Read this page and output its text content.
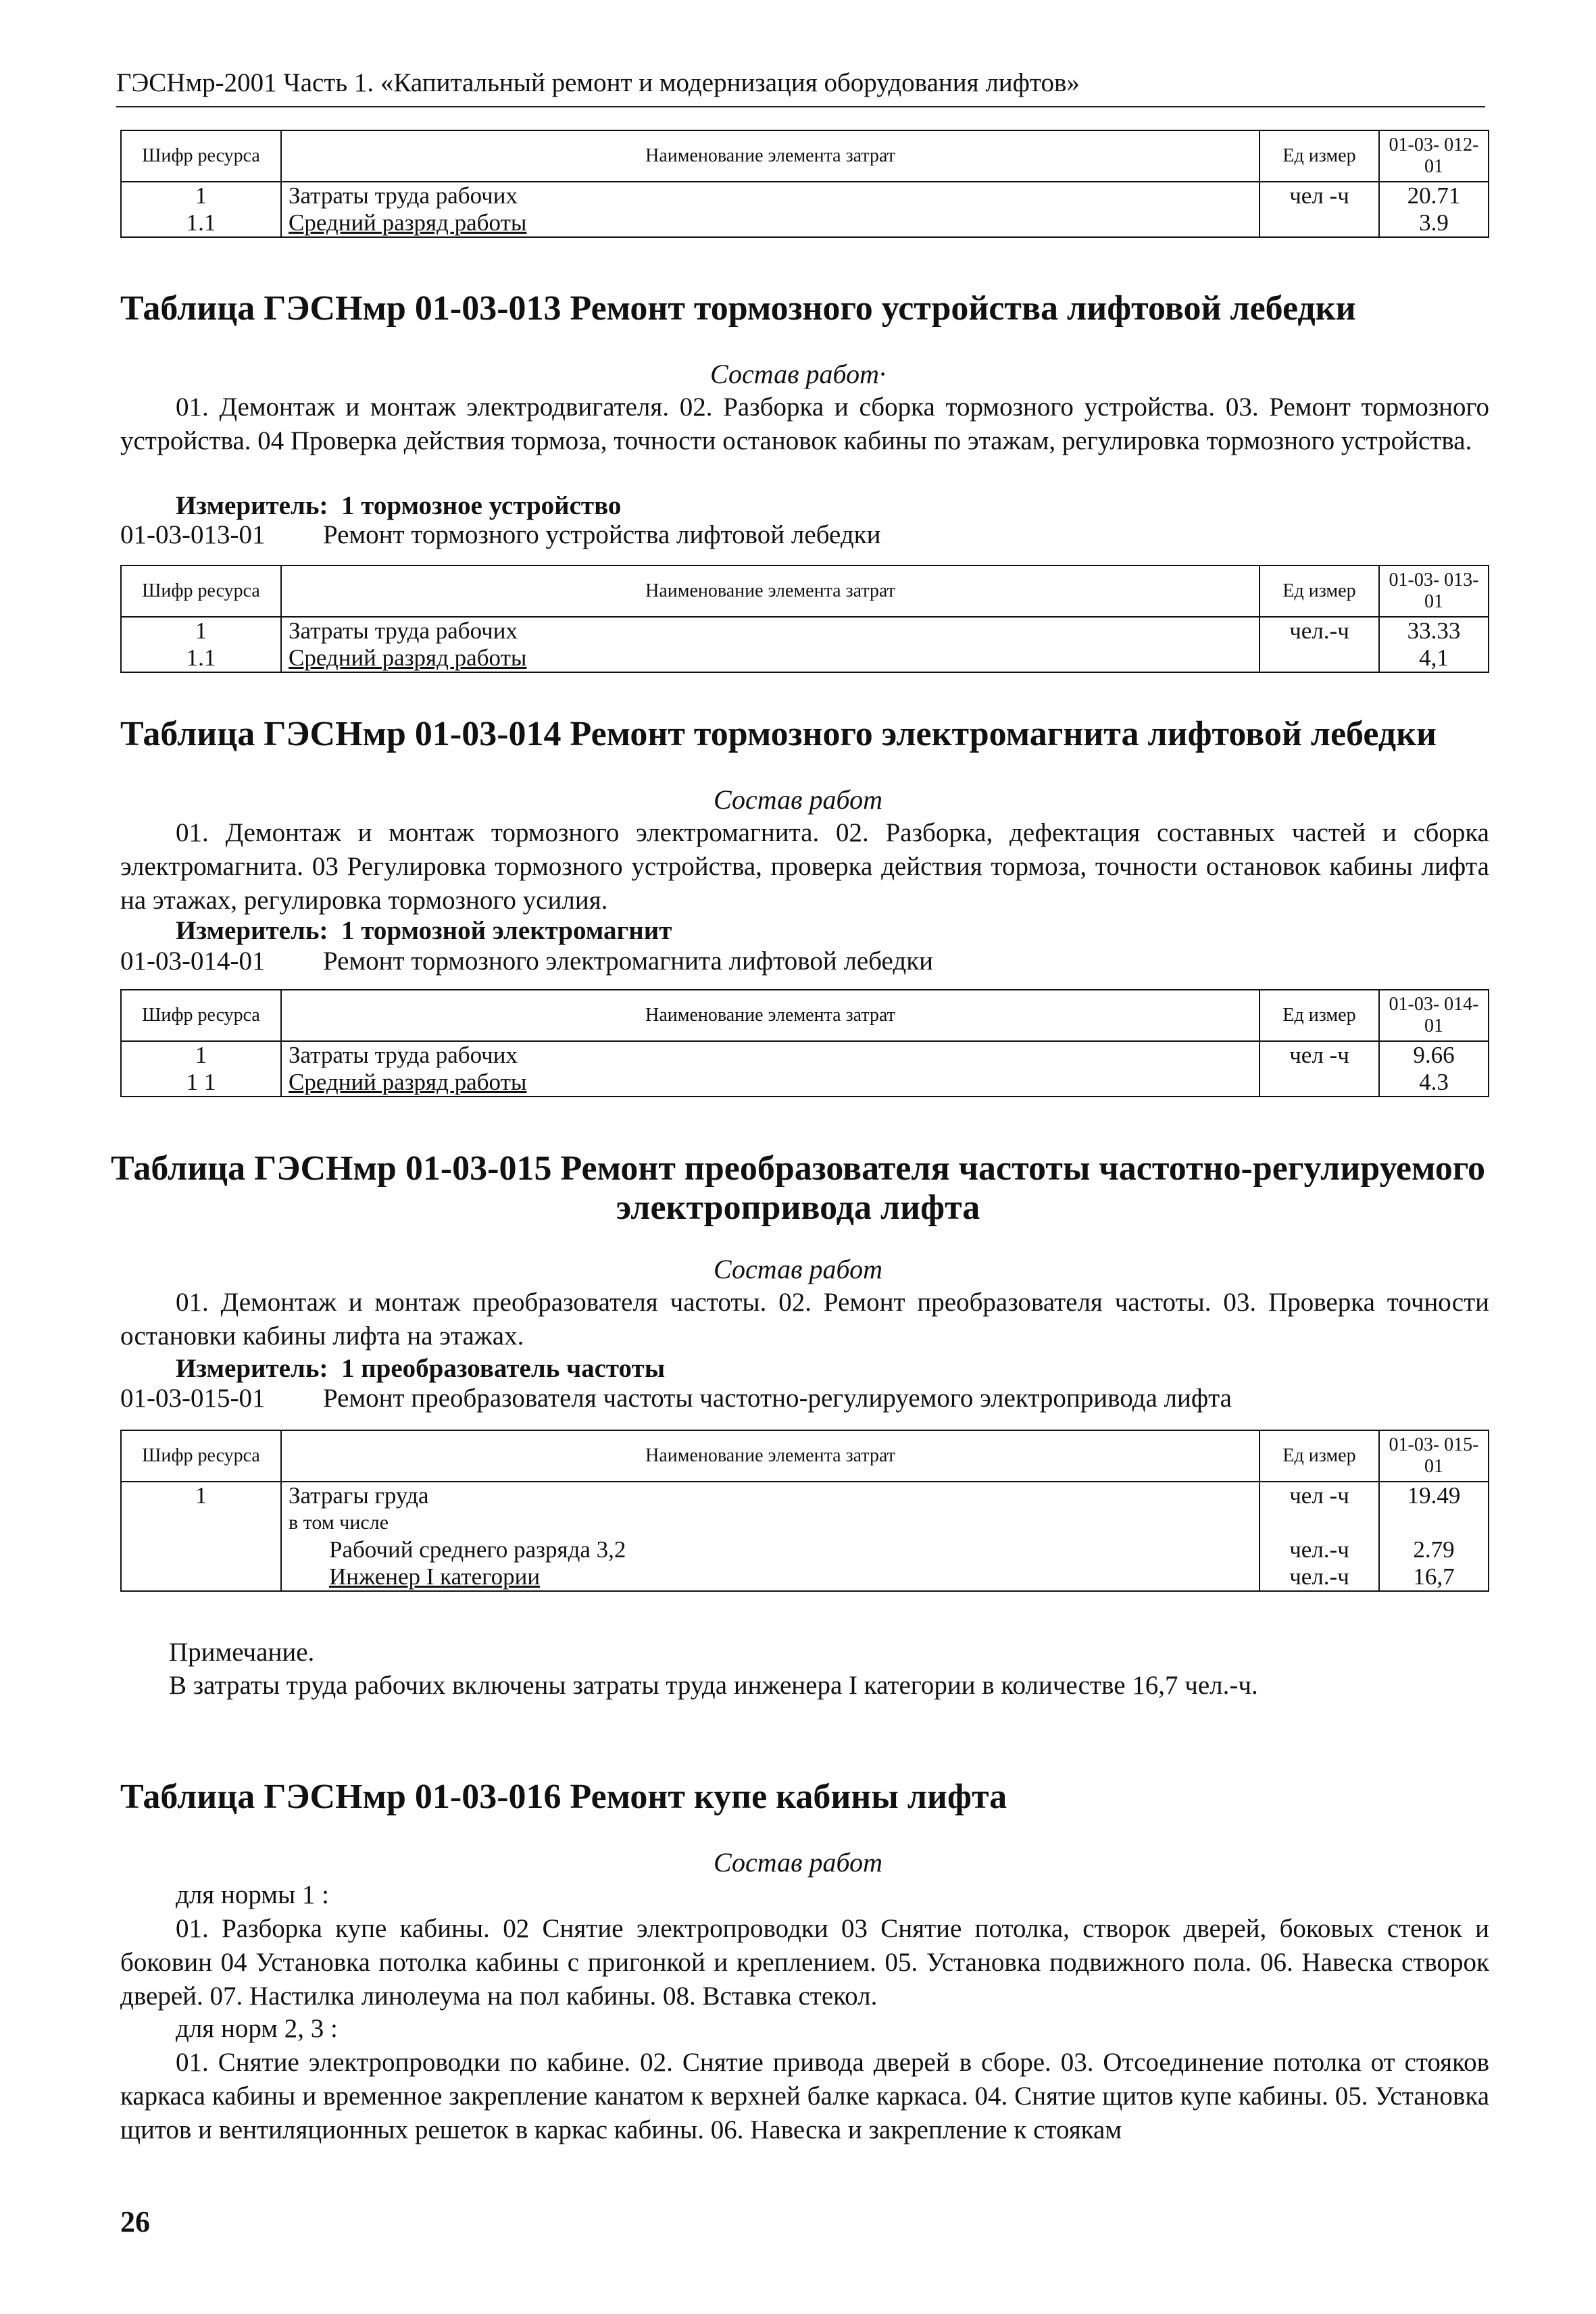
ГЭСНмр-2001 Часть 1. «Капитальный ремонт и модернизация оборудования лифтов»
Шифр ресурса	Наименование элемента затрат	Ед измер	01-03- 012-01
1	Затраты труда рабочих	чел -ч	20.71
1.1	Средний разряд работы		3.9
Таблица ГЭСНмр 01-03-013 Ремонт тормозного устройства лифтовой лебедки
Состав работ·
01. Демонтаж и монтаж электродвигателя. 02. Разборка и сборка тормозного устройства. 03. Ремонт тормозного устройства. 04 Проверка действия тормоза, точности остановок кабины по этажам, регулировка тормозного устройства.
Измеритель: 1 тормозное устройство
01-03-013-01 Ремонт тормозного устройства лифтовой лебедки
Шифр ресурса	Наименование элемента затрат	Ед измер	01-03- 013-01
1	Затраты труда рабочих	чел.-ч	33.33
1.1	Средний разряд работы		4,1
Таблица ГЭСНмр 01-03-014 Ремонт тормозного электромагнита лифтовой лебедки
Состав работ
01. Демонтаж и монтаж тормозного электромагнита. 02. Разборка, дефектация составных частей и сборка электромагнита. 03 Регулировка тормозного устройства, проверка действия тормоза, точности остановок кабины лифта на этажах, регулировка тормозного усилия.
Измеритель: 1 тормозной электромагнит
01-03-014-01 Ремонт тормозного электромагнита лифтовой лебедки
Шифр ресурса	Наименование элемента затрат	Ед измер	01-03- 014-01
1	Затраты труда рабочих	чел -ч	9.66
1 1	Средний разряд работы		4.3
Таблица ГЭСНмр 01-03-015 Ремонт преобразователя частоты частотно-регулируемого
электропривода лифта
Состав работ
01. Демонтаж и монтаж преобразователя частоты. 02. Ремонт преобразователя частоты. 03. Проверка точности остановки кабины лифта на этажах.
Измеритель: 1 преобразователь частоты
01-03-015-01 Ремонт преобразователя частоты частотно-регулируемого электропривода лифта
Шифр ресурса	Наименование элемента затрат	Ед измер	01-03- 015-01
1	Затрагы груда	чел -ч	19.49
	в том числе		
	Рабочий среднего разряда 3,2	чел.-ч	2.79
	Инженер I категории	чел.-ч	16,7
Примечание.
В затраты труда рабочих включены затраты труда инженера I категории в количестве 16,7 чел.-ч.
Таблица ГЭСНмр 01-03-016 Ремонт купе кабины лифта
Состав работ
для нормы 1 :
01. Разборка купе кабины. 02 Снятие электропроводки 03 Снятие потолка, створок дверей, боковых стенок и боковин 04 Установка потолка кабины с пригонкой и креплением. 05. Установка подвижного пола. 06. Навеска створок дверей. 07. Настилка линолеума на пол кабины. 08. Вставка стекол.
для норм 2, 3 :
01. Снятие электропроводки по кабине. 02. Снятие привода дверей в сборе. 03. Отсоединение потолка от стояков каркаса кабины и временное закрепление канатом к верхней балке каркаса. 04. Снятие щитов купе кабины. 05. Установка щитов и вентиляционных решеток в каркас кабины. 06. Навеска и закрепление к стоякам
26
